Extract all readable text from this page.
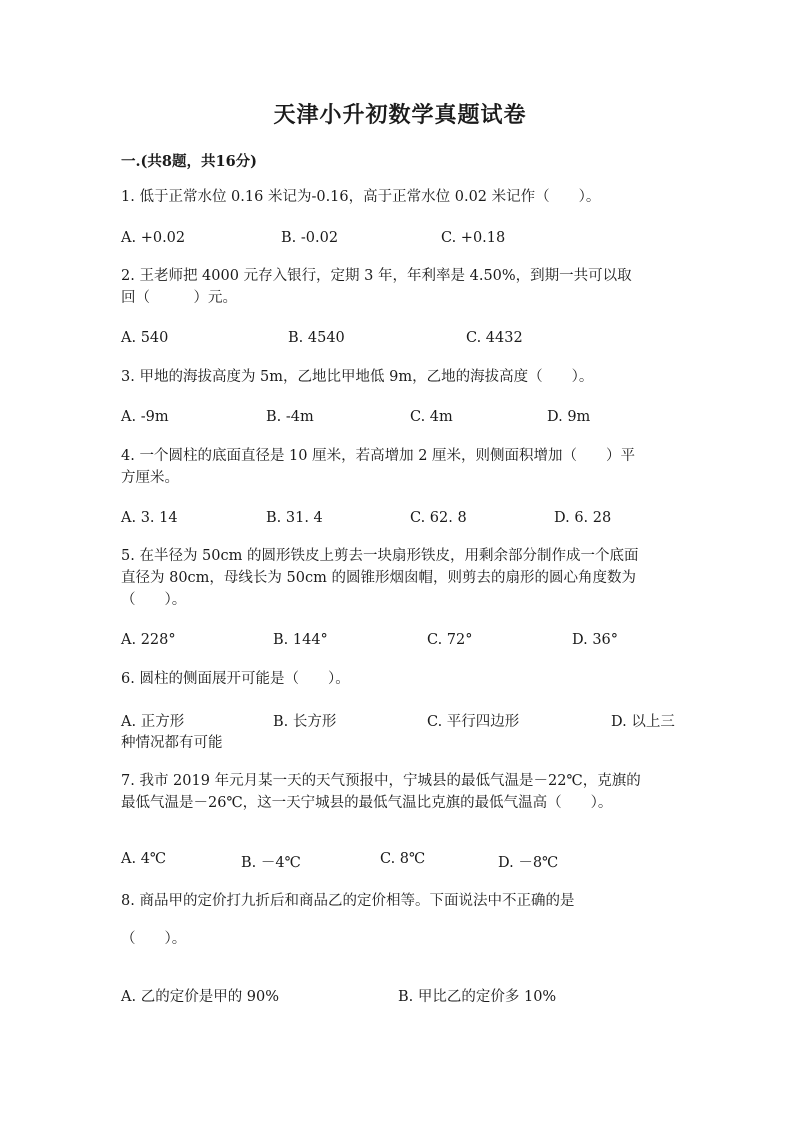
天津小升初数学真题试卷
一.(共8题，共16分)
1. 低于正常水位 0.16 米记为-0.16，高于正常水位 0.02 米记作（　　）。
A. +0.02	B. -0.02	C. +0.18
2. 王老师把 4000 元存入银行，定期 3 年，年利率是 4.50%，到期一共可以取
回（　　　）元。
A. 540	B. 4540	C. 4432
3. 甲地的海拔高度为 5m，乙地比甲地低 9m，乙地的海拔高度（　　）。
A. -9m	B. -4m	C. 4m	D. 9m
4. 一个圆柱的底面直径是 10 厘米，若高增加 2 厘米，则侧面积增加（　　）平
方厘米。
A. 3. 14	B. 31. 4	C. 62. 8	D. 6. 28
5. 在半径为 50cm 的圆形铁皮上剪去一块扇形铁皮，用剩余部分制作成一个底面
直径为 80cm，母线长为 50cm 的圆锥形烟囱帽，则剪去的扇形的圆心角度数为
（　　）。
A. 228°	B. 144°	C. 72°	D. 36°
6. 圆柱的侧面展开可能是（　　）。
A. 正方形	B. 长方形	C. 平行四边形	D. 以上三
种情况都有可能
7. 我市 2019 年元月某一天的天气预报中，宁城县的最低气温是－22℃，克旗的
最低气温是－26℃，这一天宁城县的最低气温比克旗的最低气温高（　　）。
A. 4℃	B. －4℃	C. 8℃	D. －8℃
8. 商品甲的定价打九折后和商品乙的定价相等。下面说法中不正确的是
（　　）。
A. 乙的定价是甲的 90%	B. 甲比乙的定价多 10%
